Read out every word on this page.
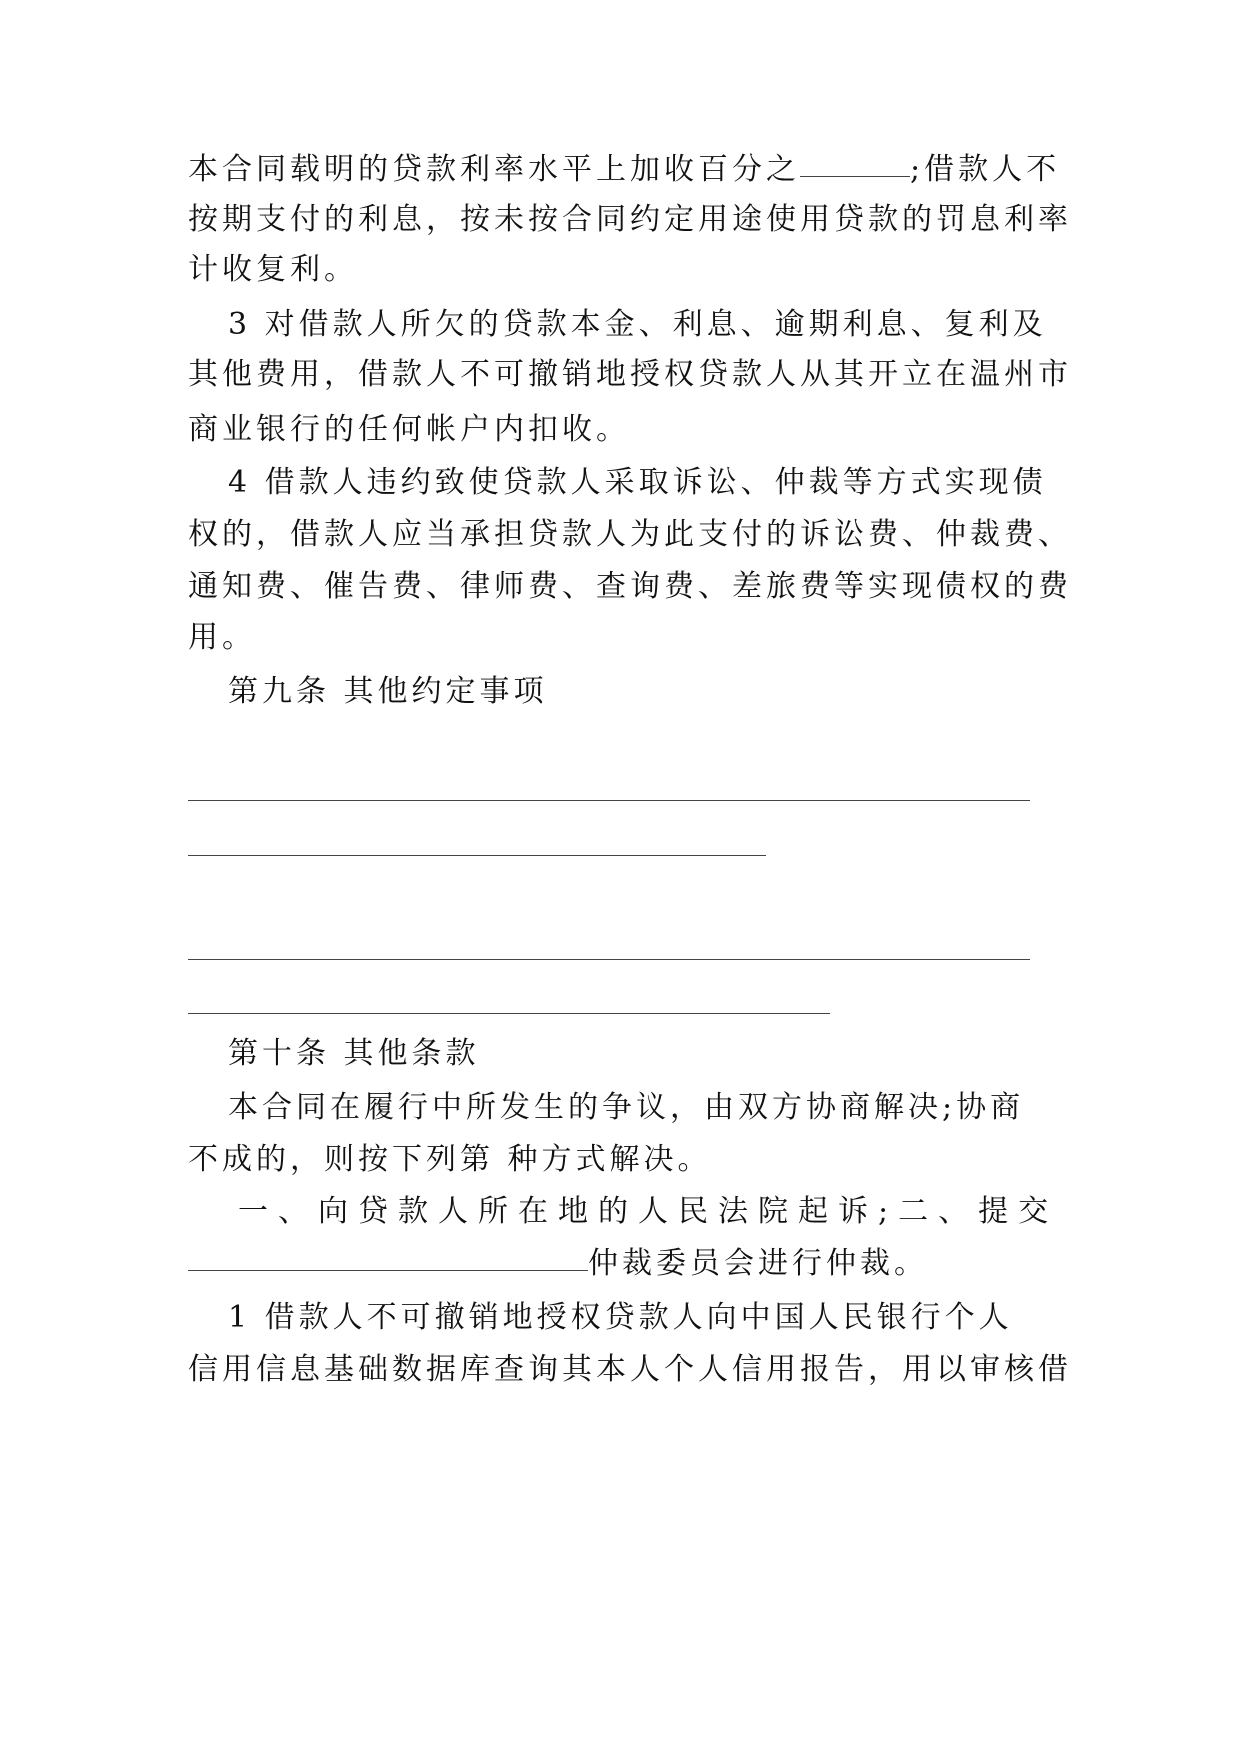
本合同载明的贷款利率水平上加收百分之	;借款人不
按期支付的利息，按未按合同约定用途使用贷款的罚息利率
计收复利。
3 对借款人所欠的贷款本金、利息、逾期利息、复利及
其他费用，借款人不可撤销地授权贷款人从其开立在温州市
商业银行的任何帐户内扣收。
4 借款人违约致使贷款人采取诉讼、仲裁等方式实现债
权的，借款人应当承担贷款人为此支付的诉讼费、仲裁费、
通知费、催告费、律师费、查询费、差旅费等实现债权的费
用。
第九条 其他约定事项
第十条 其他条款
本合同在履行中所发生的争议，由双方协商解决;协商
不成的，则按下列第 种方式解决。
一、向贷款人所在地的人民法院起诉;二、提交
仲裁委员会进行仲裁。
1 借款人不可撤销地授权贷款人向中国人民银行个人
信用信息基础数据库查询其本人个人信用报告，用以审核借
